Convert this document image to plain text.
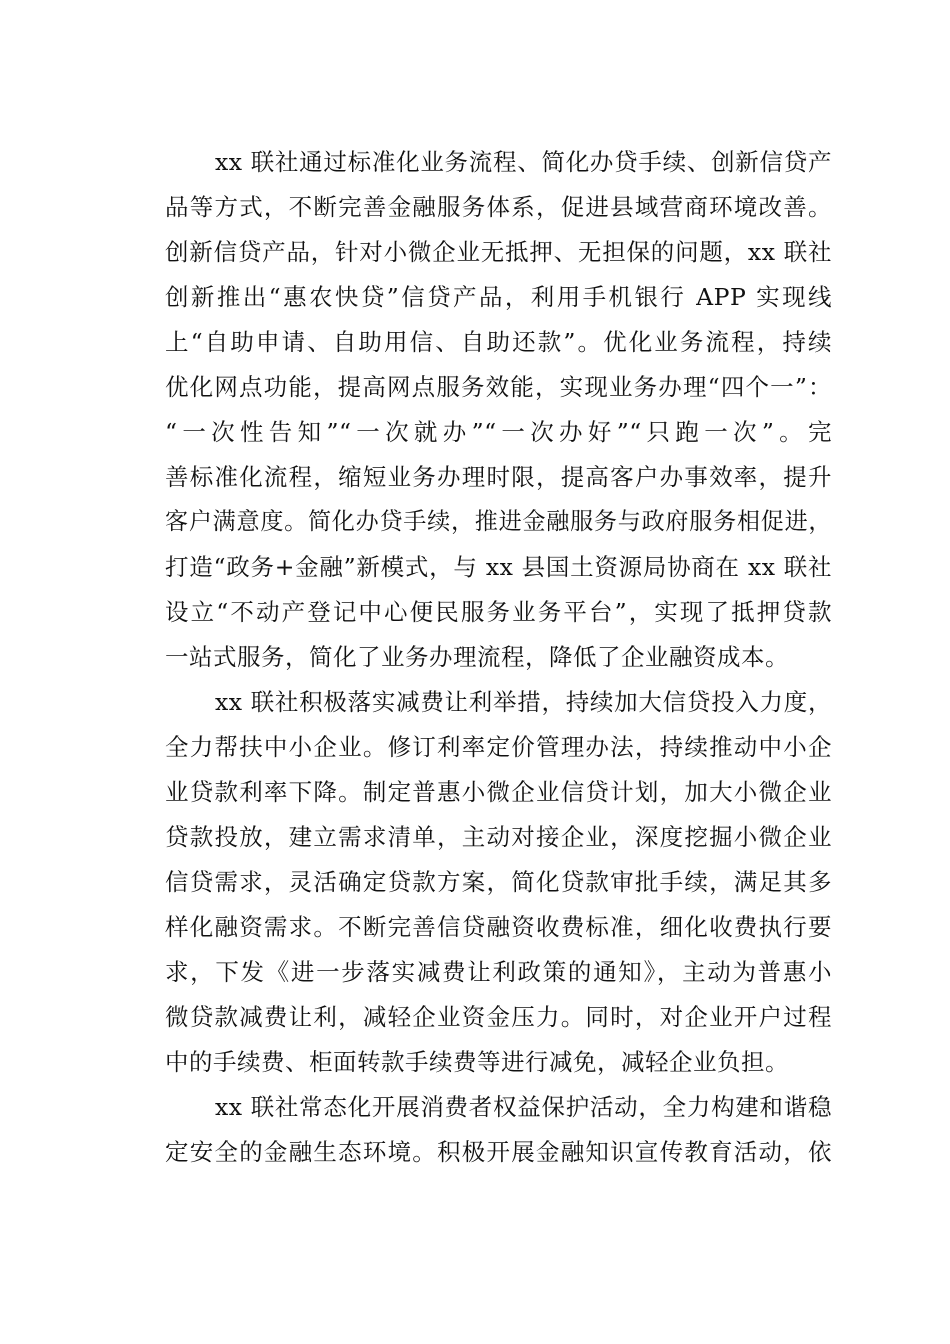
xx 联社通过标准化业务流程、简化办贷手续、创新信贷产
品等方式，不断完善金融服务体系，促进县域营商环境改善。
创新信贷产品，针对小微企业无抵押、无担保的问题，xx 联社
创新推出“惠农快贷”信贷产品，利用手机银行 APP 实现线
上“自助申请、自助用信、自助还款”。优化业务流程，持续
优化网点功能，提高网点服务效能，实现业务办理“四个一”：
“一次性告知”“一次就办”“一次办好”“只跑一次”。完
善标准化流程，缩短业务办理时限，提高客户办事效率，提升
客户满意度。简化办贷手续，推进金融服务与政府服务相促进，
打造“政务+金融”新模式，与 xx 县国土资源局协商在 xx 联社
设立“不动产登记中心便民服务业务平台”，实现了抵押贷款
一站式服务，简化了业务办理流程，降低了企业融资成本。
xx 联社积极落实减费让利举措，持续加大信贷投入力度，
全力帮扶中小企业。修订利率定价管理办法，持续推动中小企
业贷款利率下降。制定普惠小微企业信贷计划，加大小微企业
贷款投放，建立需求清单，主动对接企业，深度挖掘小微企业
信贷需求，灵活确定贷款方案，简化贷款审批手续，满足其多
样化融资需求。不断完善信贷融资收费标准，细化收费执行要
求，下发《进一步落实减费让利政策的通知》，主动为普惠小
微贷款减费让利，减轻企业资金压力。同时，对企业开户过程
中的手续费、柜面转款手续费等进行减免，减轻企业负担。
xx 联社常态化开展消费者权益保护活动，全力构建和谐稳
定安全的金融生态环境。积极开展金融知识宣传教育活动，依
